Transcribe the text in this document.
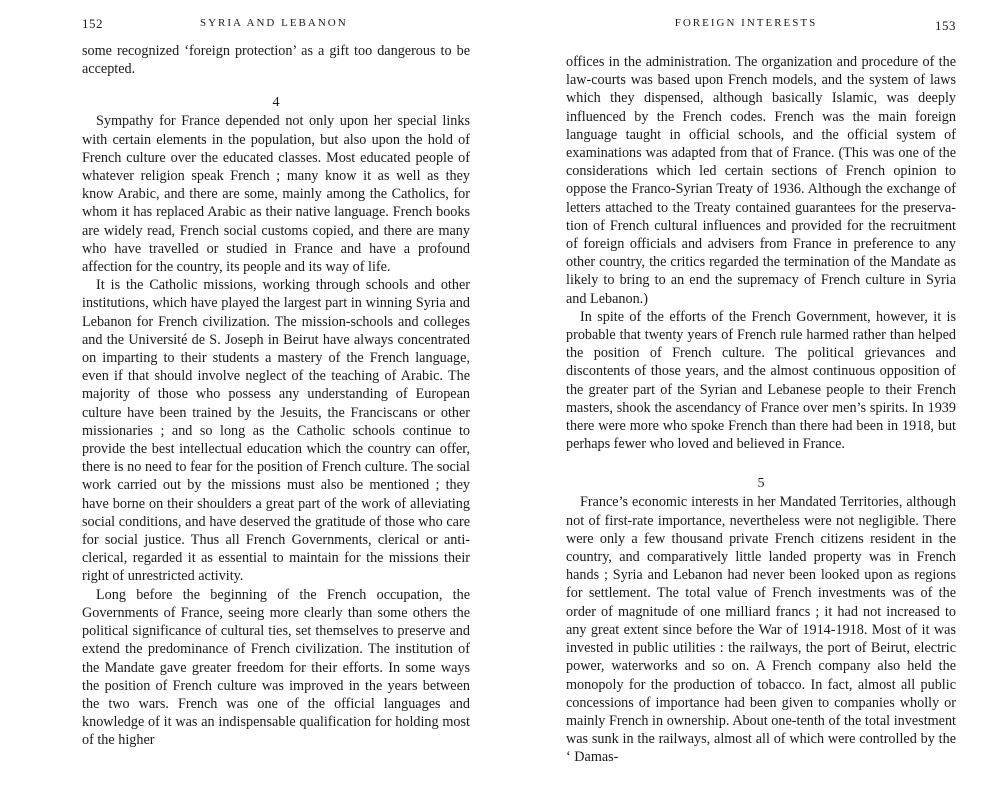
152	SYRIA AND LEBANON

some recognized ‘foreign protection’ as a gift too dangerous to be accepted.

4

Sympathy for France depended not only upon her special links with certain elements in the population, but also upon the hold of French culture over the educated classes. Most educated people of whatever religion speak French ; many know it as well as they know Arabic, and there are some, mainly among the Catholics, for whom it has replaced Arabic as their native language. French books are widely read, French social customs copied, and there are many who have travelled or studied in France and have a profound affection for the country, its people and its way of life.

It is the Catholic missions, working through schools and other institutions, which have played the largest part in winning Syria and Lebanon for French civilization. The mission-schools and colleges and the Université de S. Joseph in Beirut have always concentrated on imparting to their students a mastery of the French language, even if that should involve neglect of the teaching of Arabic. The majority of those who possess any understanding of European culture have been trained by the Jesuits, the Franciscans or other missionaries ; and so long as the Catholic schools continue to provide the best intellectual education which the country can offer, there is no need to fear for the position of French culture. The social work carried out by the missions must also be mentioned ; they have borne on their shoulders a great part of the work of alleviating social conditions, and have deserved the gratitude of those who care for social justice. Thus all French Governments, clerical or anti-clerical, regarded it as essential to maintain for the missions their right of unrestricted activity.

Long before the beginning of the French occupation, the Governments of France, seeing more clearly than some others the political significance of cultural ties, set themselves to preserve and extend the predominance of French civilization. The institution of the Mandate gave greater freedom for their efforts. In some ways the position of French culture was improved in the years between the two wars. French was one of the official languages and knowledge of it was an indispensable qualification for holding most of the higher

FOREIGN INTERESTS	153

offices in the administration. The organization and procedure of the law-courts was based upon French models, and the system of laws which they dispensed, although basically Islamic, was deeply influenced by the French codes. French was the main foreign language taught in official schools, and the official system of examinations was adapted from that of France. (This was one of the considerations which led certain sections of French opinion to oppose the Franco-Syrian Treaty of 1936. Although the exchange of letters attached to the Treaty contained guarantees for the preserva-tion of French cultural influences and provided for the recruitment of foreign officials and advisers from France in preference to any other country, the critics regarded the termination of the Mandate as likely to bring to an end the supremacy of French culture in Syria and Lebanon.)

In spite of the efforts of the French Government, however, it is probable that twenty years of French rule harmed rather than helped the position of French culture. The political grievances and discontents of those years, and the almost continuous opposition of the greater part of the Syrian and Lebanese people to their French masters, shook the ascendancy of France over men’s spirits. In 1939 there were more who spoke French than there had been in 1918, but perhaps fewer who loved and believed in France.

5

France’s economic interests in her Mandated Territories, although not of first-rate importance, nevertheless were not negligible. There were only a few thousand private French citizens resident in the country, and comparatively little landed property was in French hands ; Syria and Lebanon had never been looked upon as regions for settlement. The total value of French investments was of the order of magnitude of one milliard francs ; it had not increased to any great extent since before the War of 1914-1918. Most of it was invested in public utilities : the railways, the port of Beirut, electric power, waterworks and so on. A French company also held the monopoly for the production of tobacco. In fact, almost all public concessions of importance had been given to companies wholly or mainly French in ownership. About one-tenth of the total investment was sunk in the railways, almost all of which were controlled by the ‘ Damas-
